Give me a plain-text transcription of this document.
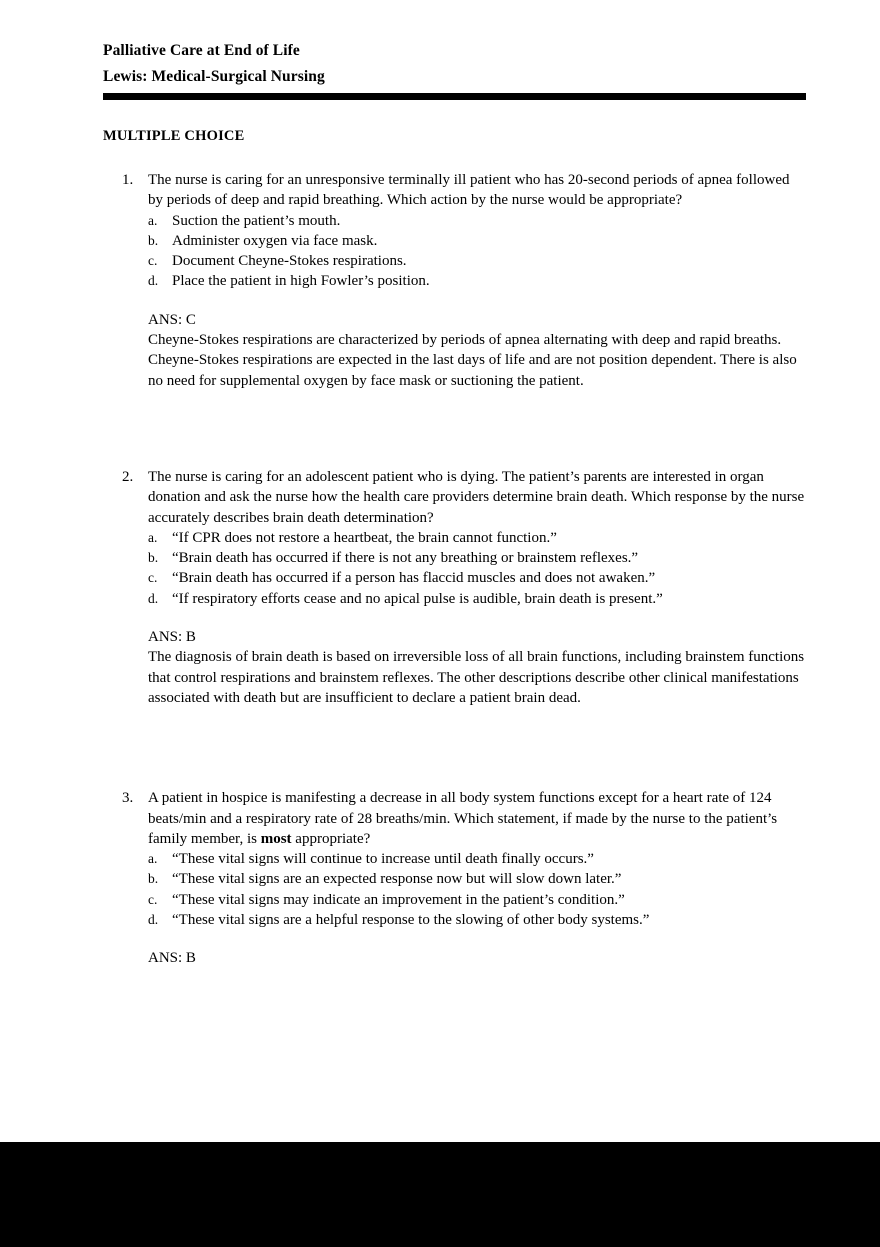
Palliative Care at End of Life
Lewis: Medical-Surgical Nursing
MULTIPLE CHOICE
1. The nurse is caring for an unresponsive terminally ill patient who has 20-second periods of apnea followed by periods of deep and rapid breathing. Which action by the nurse would be appropriate?
a. Suction the patient’s mouth.
b. Administer oxygen via face mask.
c. Document Cheyne-Stokes respirations.
d. Place the patient in high Fowler’s position.
ANS: C
Cheyne-Stokes respirations are characterized by periods of apnea alternating with deep and rapid breaths. Cheyne-Stokes respirations are expected in the last days of life and are not position dependent. There is also no need for supplemental oxygen by face mask or suctioning the patient.
2. The nurse is caring for an adolescent patient who is dying. The patient’s parents are interested in organ donation and ask the nurse how the health care providers determine brain death. Which response by the nurse accurately describes brain death determination?
a. “If CPR does not restore a heartbeat, the brain cannot function.”
b. “Brain death has occurred if there is not any breathing or brainstem reflexes.”
c. “Brain death has occurred if a person has flaccid muscles and does not awaken.”
d. “If respiratory efforts cease and no apical pulse is audible, brain death is present.”
ANS: B
The diagnosis of brain death is based on irreversible loss of all brain functions, including brainstem functions that control respirations and brainstem reflexes. The other descriptions describe other clinical manifestations associated with death but are insufficient to declare a patient brain dead.
3. A patient in hospice is manifesting a decrease in all body system functions except for a heart rate of 124 beats/min and a respiratory rate of 28 breaths/min. Which statement, if made by the nurse to the patient’s family member, is most appropriate?
a. “These vital signs will continue to increase until death finally occurs.”
b. “These vital signs are an expected response now but will slow down later.”
c. “These vital signs may indicate an improvement in the patient’s condition.”
d. “These vital signs are a helpful response to the slowing of other body systems.”
ANS: B
